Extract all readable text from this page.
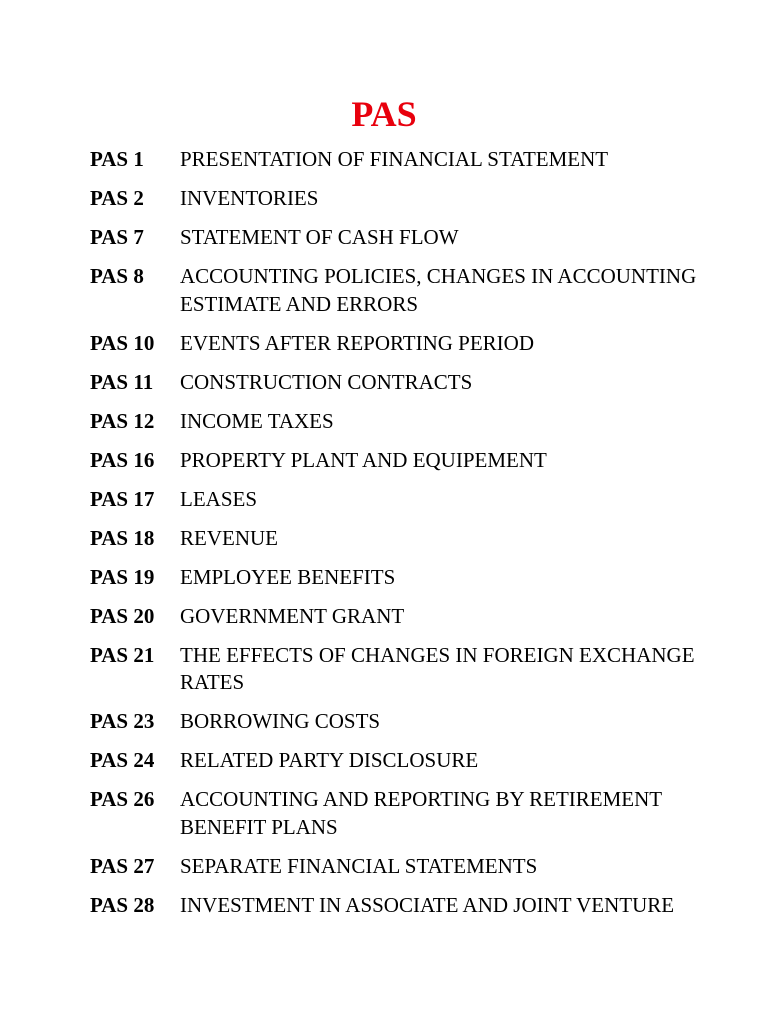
PAS
PAS 1	PRESENTATION OF FINANCIAL STATEMENT
PAS 2	INVENTORIES
PAS 7	STATEMENT OF CASH FLOW
PAS 8	ACCOUNTING POLICIES, CHANGES IN ACCOUNTING ESTIMATE AND ERRORS
PAS 10	EVENTS AFTER REPORTING PERIOD
PAS 11	CONSTRUCTION CONTRACTS
PAS 12	INCOME TAXES
PAS 16	PROPERTY PLANT AND EQUIPEMENT
PAS 17	LEASES
PAS 18	REVENUE
PAS 19	EMPLOYEE BENEFITS
PAS 20	GOVERNMENT GRANT
PAS 21	THE EFFECTS OF CHANGES IN FOREIGN EXCHANGE RATES
PAS 23	BORROWING COSTS
PAS 24	RELATED PARTY DISCLOSURE
PAS 26	ACCOUNTING AND REPORTING BY RETIREMENT BENEFIT PLANS
PAS 27	SEPARATE FINANCIAL STATEMENTS
PAS 28	INVESTMENT IN ASSOCIATE AND JOINT VENTURE
